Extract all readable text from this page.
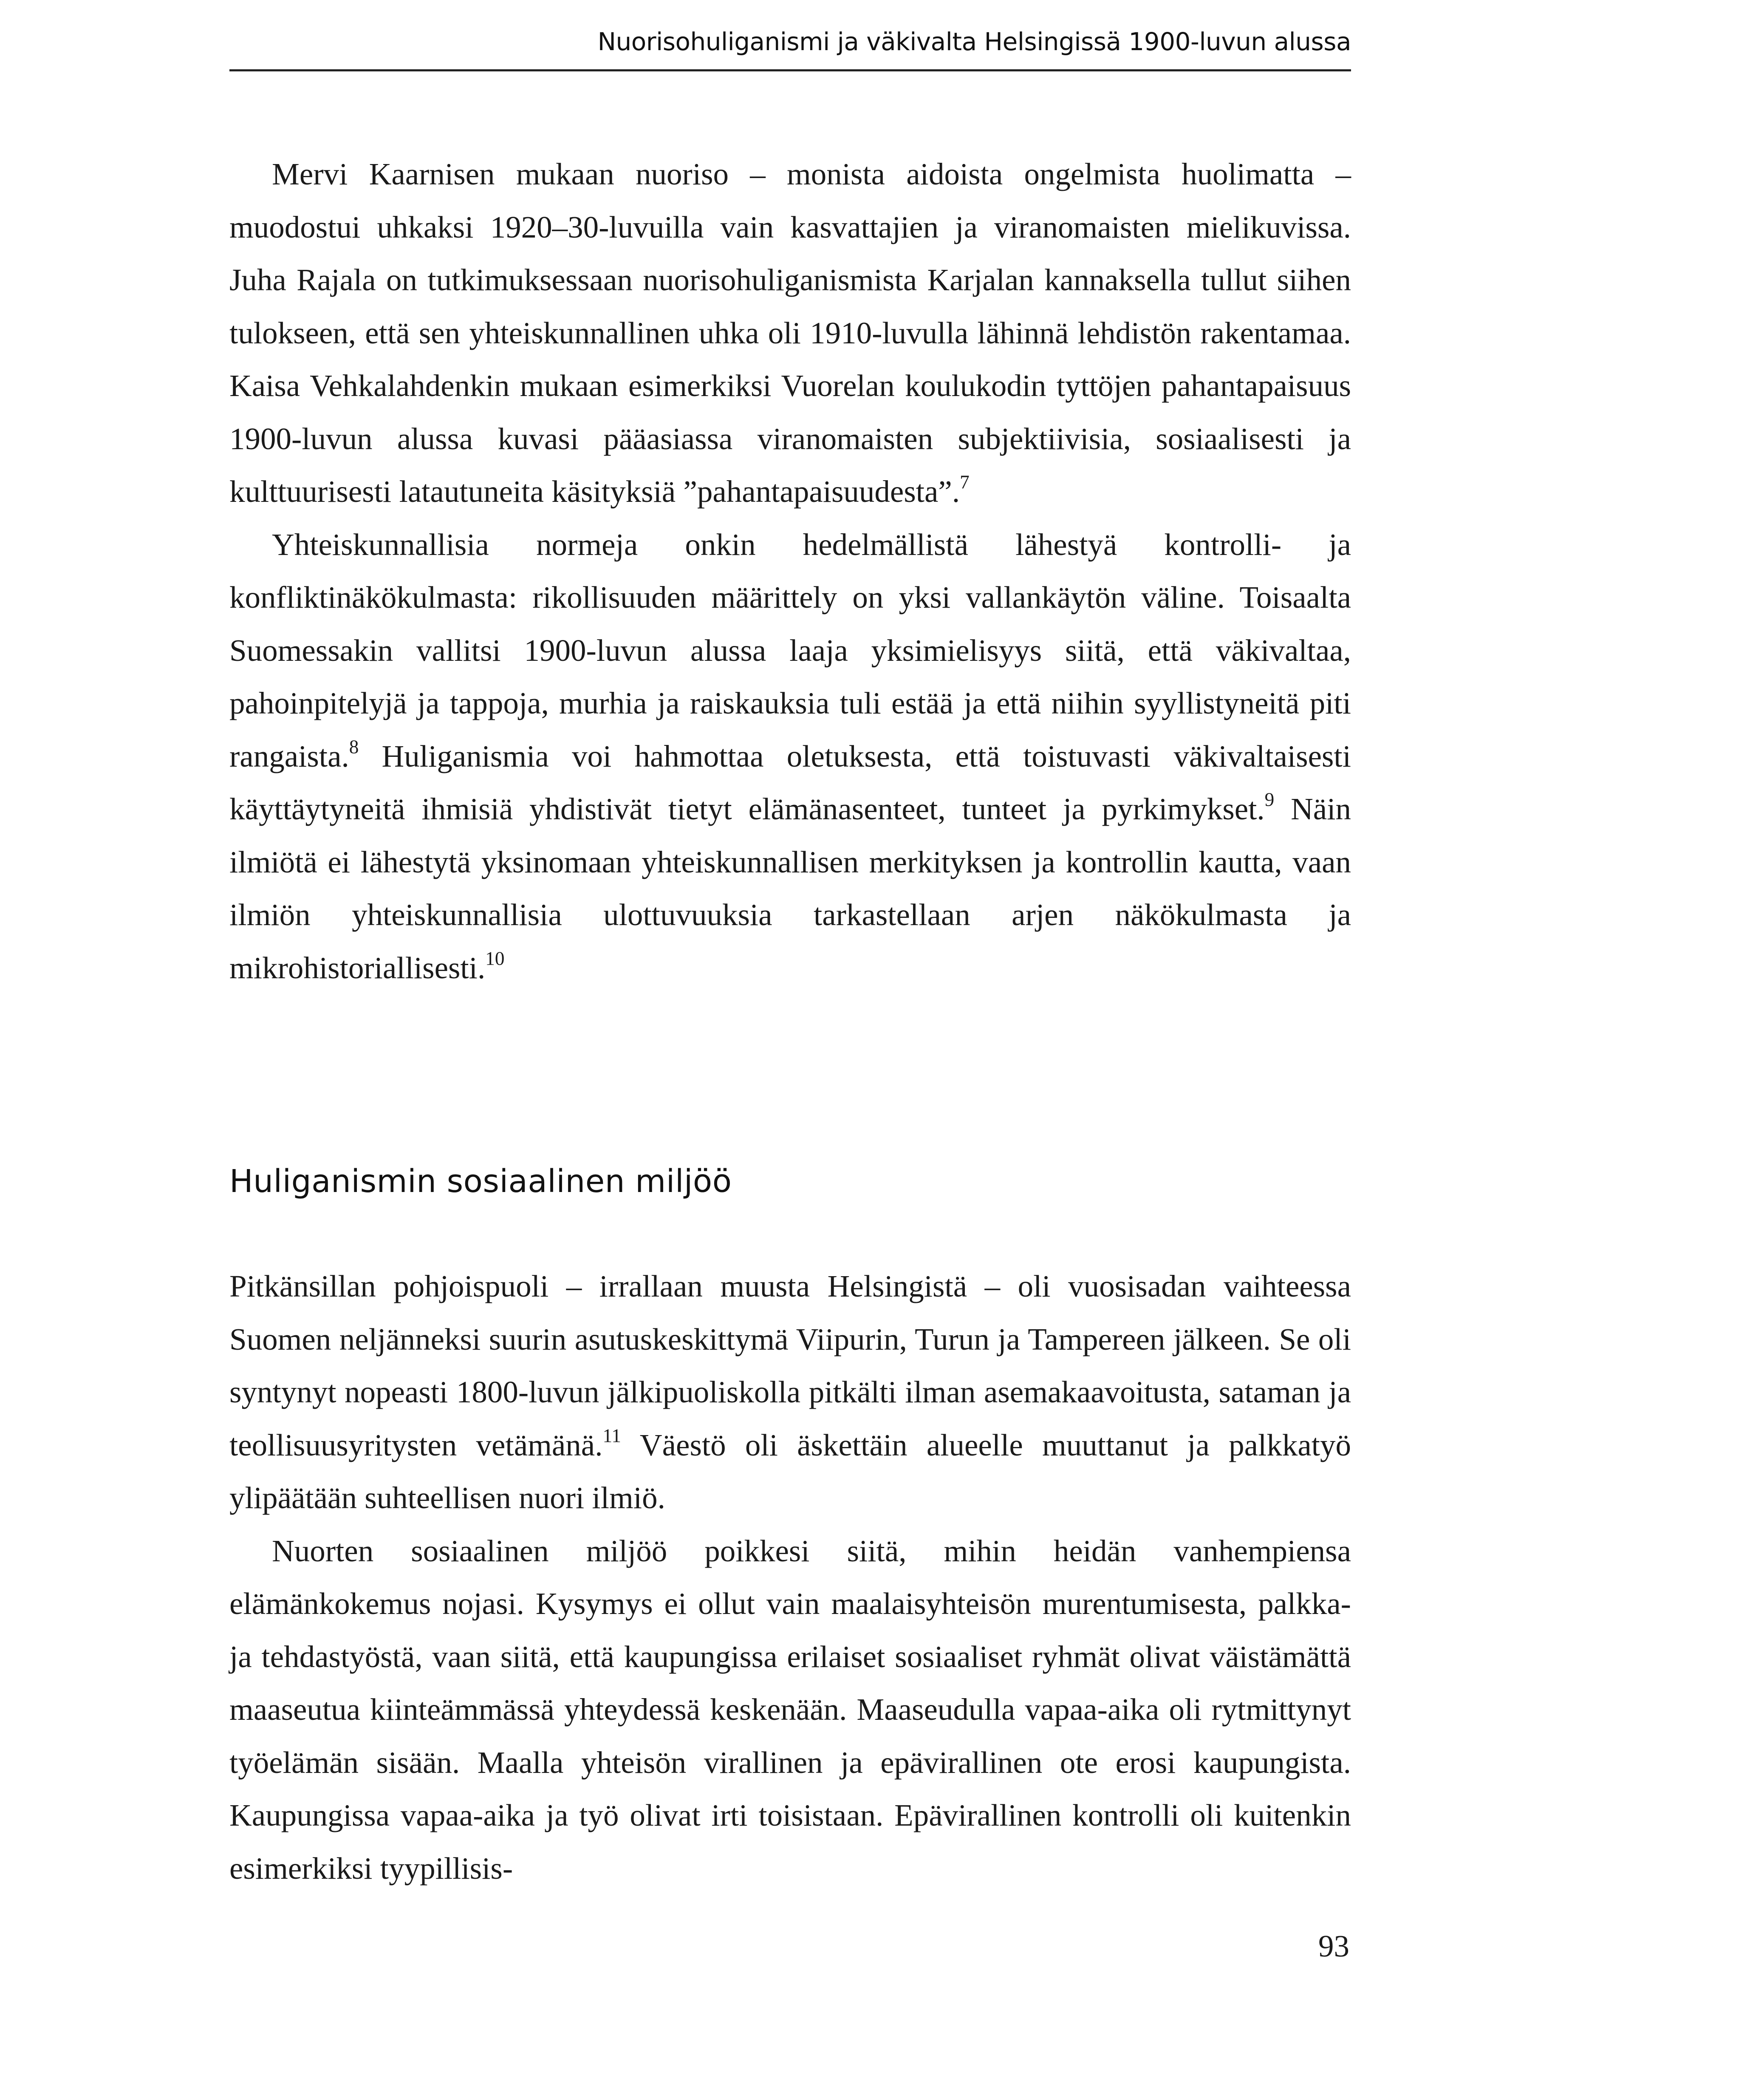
Nuorisohuliganismi ja väkivalta Helsingissä 1900-luvun alussa

Mervi Kaarnisen mukaan nuoriso – monista aidoista ongelmista huolimatta – muodostui uhkaksi 1920–30-luvuilla vain kasvattajien ja viranomaisten mielikuvissa. Juha Rajala on tutkimuksessaan nuorisohuliganismista Karjalan kannaksella tullut siihen tulokseen, että sen yhteiskunnallinen uhka oli 1910-luvulla lähinnä lehdistön rakentamaa. Kaisa Vehkalahdenkin mukaan esimerkiksi Vuorelan koulukodin tyttöjen pahantapaisuus 1900-luvun alussa kuvasi pääasiassa viranomaisten subjektiivisia, sosiaalisesti ja kulttuurisesti latautuneita käsityksiä ”pahantapaisuudesta”.$^7$

Yhteiskunnallisia normeja onkin hedelmällistä lähestyä kontrolli- ja konfliktinäkökulmasta: rikollisuuden määrittely on yksi vallankäytön väline. Toisaalta Suomessakin vallitsi 1900-luvun alussa laaja yksimielisyys siitä, että väkivaltaa, pahoinpitelyjä ja tappoja, murhia ja raiskauksia tuli estää ja että niihin syyllistyneitä piti rangaista.$^8$ Huliganismia voi hahmottaa oletuksesta, että toistuvasti väkivaltaisesti käyttäytyneitä ihmisiä yhdistivät tietyt elämänasenteet, tunteet ja pyrkimykset.$^9$ Näin ilmiötä ei lähestytä yksinomaan yhteiskunnallisen merkityksen ja kontrollin kautta, vaan ilmiön yhteiskunnallisia ulottuvuuksia tarkastellaan arjen näkökulmasta ja mikrohistoriallisesti.$^{10}$

Huliganismin sosiaalinen miljöö

Pitkänsillan pohjoispuoli – irrallaan muusta Helsingistä – oli vuosisadan vaihteessa Suomen neljänneksi suurin asutuskeskittymä Viipurin, Turun ja Tampereen jälkeen. Se oli syntynyt nopeasti 1800-luvun jälkipuoliskolla pitkälti ilman asemakaavoitusta, sataman ja teollisuusyritysten vetämänä.$^{11}$ Väestö oli äskettäin alueelle muuttanut ja palkkatyö ylipäätään suhteellisen nuori ilmiö.

Nuorten sosiaalinen miljöö poikkesi siitä, mihin heidän vanhempiensa elämänkokemus nojasi. Kysymys ei ollut vain maalaisyhteisön murentumisesta, palkka- ja tehdastyöstä, vaan siitä, että kaupungissa erilaiset sosiaaliset ryhmät olivat väistämättä maaseutua kiinteämmässä yhteydessä keskenään. Maaseudulla vapaa-aika oli rytmittynyt työelämän sisään. Maalla yhteisön virallinen ja epävirallinen ote erosi kaupungista. Kaupungissa vapaa-aika ja työ olivat irti toisistaan. Epävirallinen kontrolli oli kuitenkin esimerkiksi tyypillisis-

93
